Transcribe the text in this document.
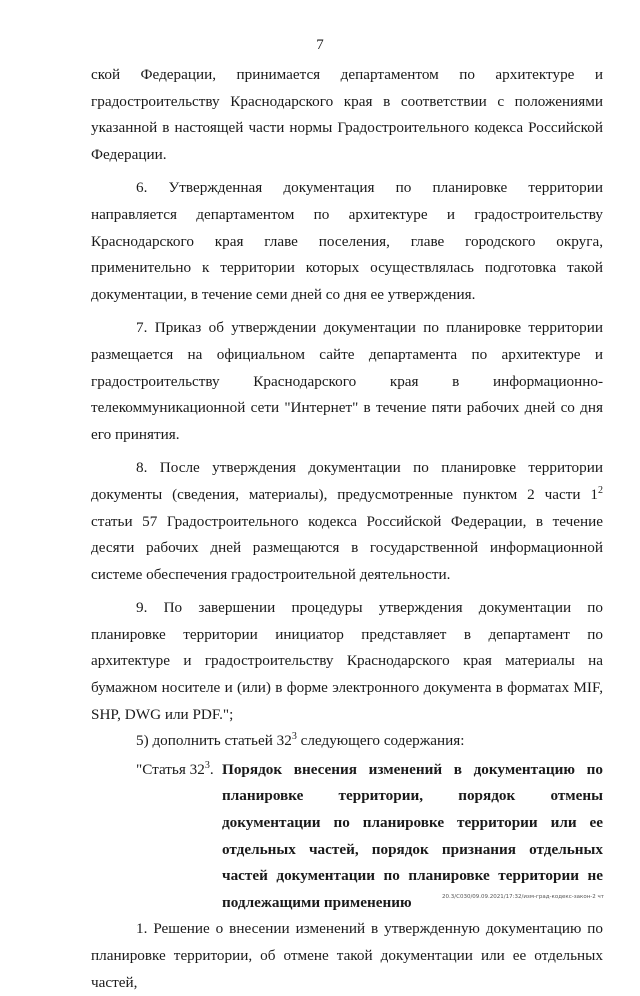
7

ской Федерации, принимается департаментом по архитектуре и градостроительству Краснодарского края в соответствии с положениями указанной в настоящей части нормы Градостроительного кодекса Российской Федерации.

6. Утвержденная документация по планировке территории направляется департаментом по архитектуре и градостроительству Краснодарского края главе поселения, главе городского округа, применительно к территории которых осуществлялась подготовка такой документации, в течение семи дней со дня ее утверждения.

7. Приказ об утверждении документации по планировке территории размещается на официальном сайте департамента по архитектуре и градостроительству Краснодарского края в информационно-телекоммуникационной сети "Интернет" в течение пяти рабочих дней со дня его принятия.

8. После утверждения документации по планировке территории документы (сведения, материалы), предусмотренные пунктом 2 части $1^2$ статьи 57 Градостроительного кодекса Российской Федерации, в течение десяти рабочих дней размещаются в государственной информационной системе обеспечения градостроительной деятельности.

9. По завершении процедуры утверждения документации по планировке территории инициатор представляет в департамент по архитектуре и градостроительству Краснодарского края материалы на бумажном носителе и (или) в форме электронного документа в форматах MIF, SHP, DWG или PDF.";

5) дополнить статьей $32^3$ следующего содержания:

"Статья $32^3$. Порядок внесения изменений в документацию по планировке территории, порядок отмены документации по планировке территории или ее отдельных частей, порядок признания отдельных частей документации по планировке территории не подлежащими применению

1. Решение о внесении изменений в утвержденную документацию по планировке территории, об отмене такой документации или ее отдельных частей,

20.3/C030/09.09.2021/17:32/изм-град-кодекс-закон-2 чт
